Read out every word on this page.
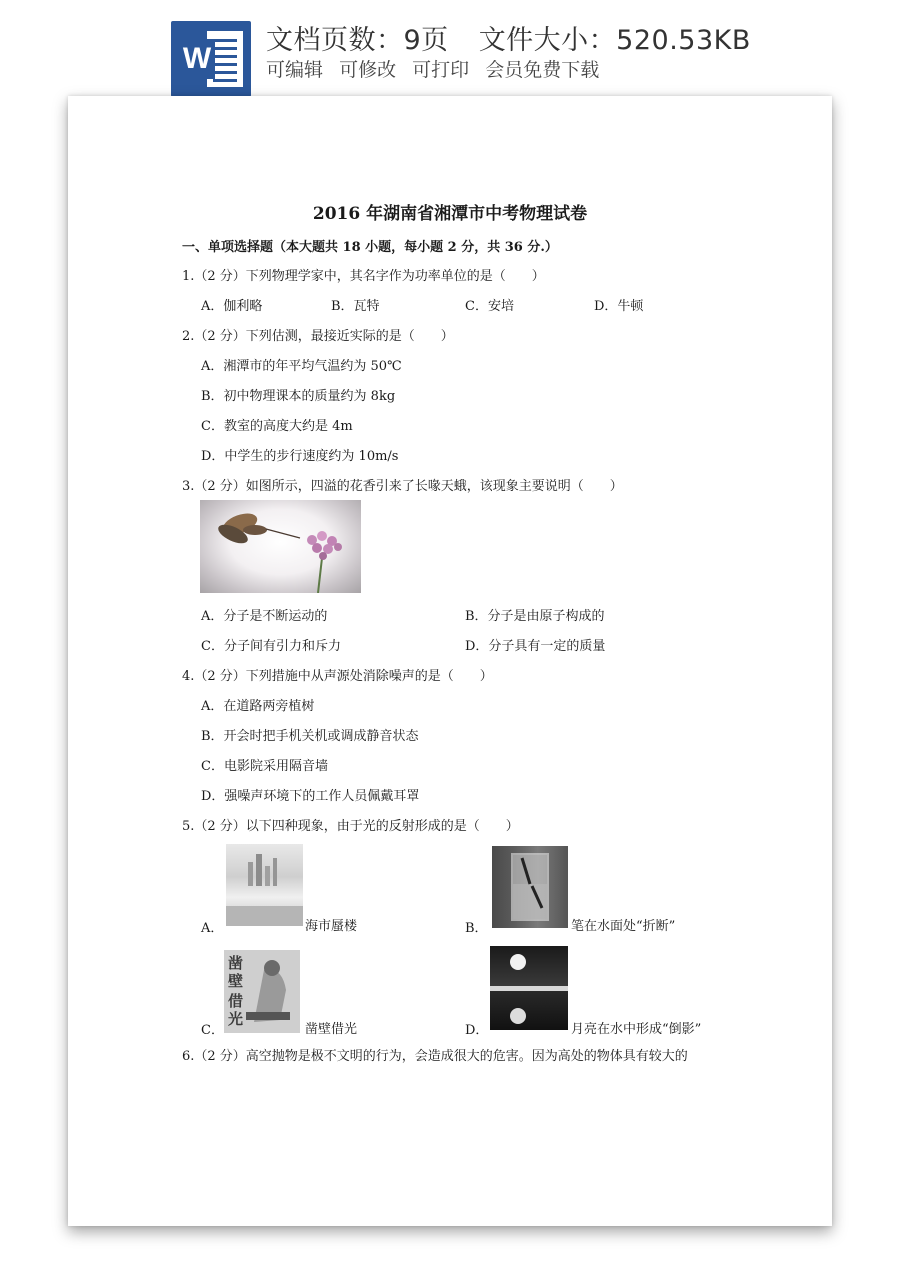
W
文档页数：9页 文件大小：520.53KB
可编辑 可修改 可打印 会员免费下载
2016 年湖南省湘潭市中考物理试卷
一、单项选择题（本大题共 18 小题，每小题 2 分，共 36 分.）
1.（2 分）下列物理学家中，其名字作为功率单位的是（　　）
A．伽利略	B．瓦特	C．安培	D．牛顿
2.（2 分）下列估测，最接近实际的是（　　）
A．湘潭市的年平均气温约为 50℃
B．初中物理课本的质量约为 8kg
C．教室的高度大约是 4m
D．中学生的步行速度约为 10m/s
3.（2 分）如图所示，四溢的花香引来了长喙天蛾，该现象主要说明（　　）
A．分子是不断运动的	B．分子是由原子构成的
C．分子间有引力和斥力	D．分子具有一定的质量
4.（2 分）下列措施中从声源处消除噪声的是（　　）
A．在道路两旁植树
B．开会时把手机关机或调成静音状态
C．电影院采用隔音墙
D．强噪声环境下的工作人员佩戴耳罩
5.（2 分）以下四种现象，由于光的反射形成的是（　　）
A．	海市蜃楼	B．	笔在水面处“折断”
凿壁
借光
C．	凿壁借光	D．	月亮在水中形成“倒影”
6.（2 分）高空抛物是极不文明的行为，会造成很大的危害。因为高处的物体具有较大的
